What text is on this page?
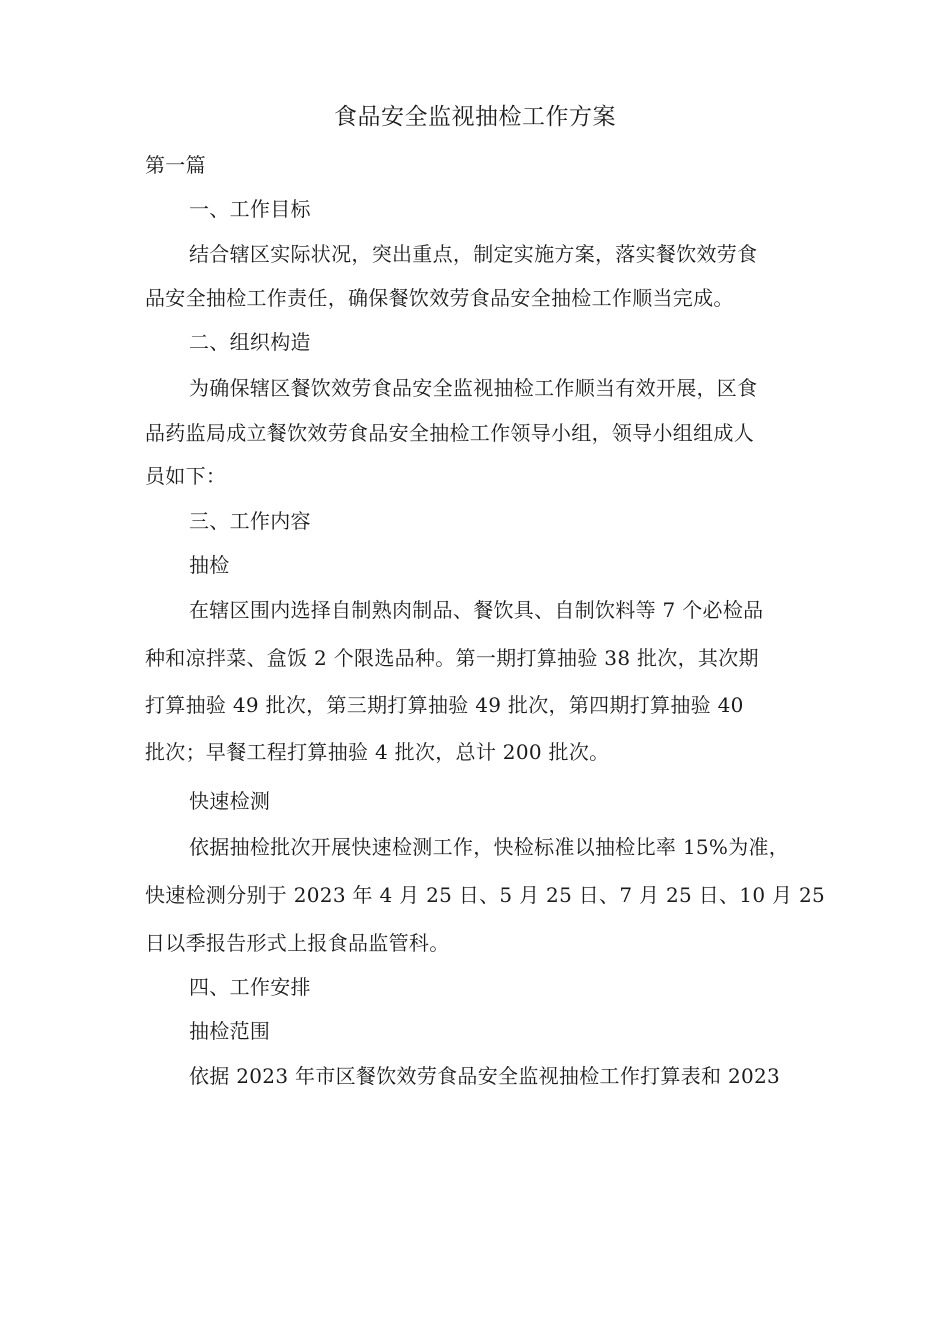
食品安全监视抽检工作方案
第一篇
一、工作目标
结合辖区实际状况，突出重点，制定实施方案，落实餐饮效劳食
品安全抽检工作责任，确保餐饮效劳食品安全抽检工作顺当完成。
二、组织构造
为确保辖区餐饮效劳食品安全监视抽检工作顺当有效开展，区食
品药监局成立餐饮效劳食品安全抽检工作领导小组，领导小组组成人
员如下：
三、工作内容
抽检
在辖区围内选择自制熟肉制品、餐饮具、自制饮料等 7 个必检品
种和凉拌菜、盒饭 2 个限选品种。第一期打算抽验 38 批次，其次期
打算抽验 49 批次，第三期打算抽验 49 批次，第四期打算抽验 40
批次；早餐工程打算抽验 4 批次，总计 200 批次。
快速检测
依据抽检批次开展快速检测工作，快检标准以抽检比率 15%为准，
快速检测分别于 2023 年 4 月 25 日、5 月 25 日、7 月 25 日、10 月 25
日以季报告形式上报食品监管科。
四、工作安排
抽检范围
依据 2023 年市区餐饮效劳食品安全监视抽检工作打算表和 2023
